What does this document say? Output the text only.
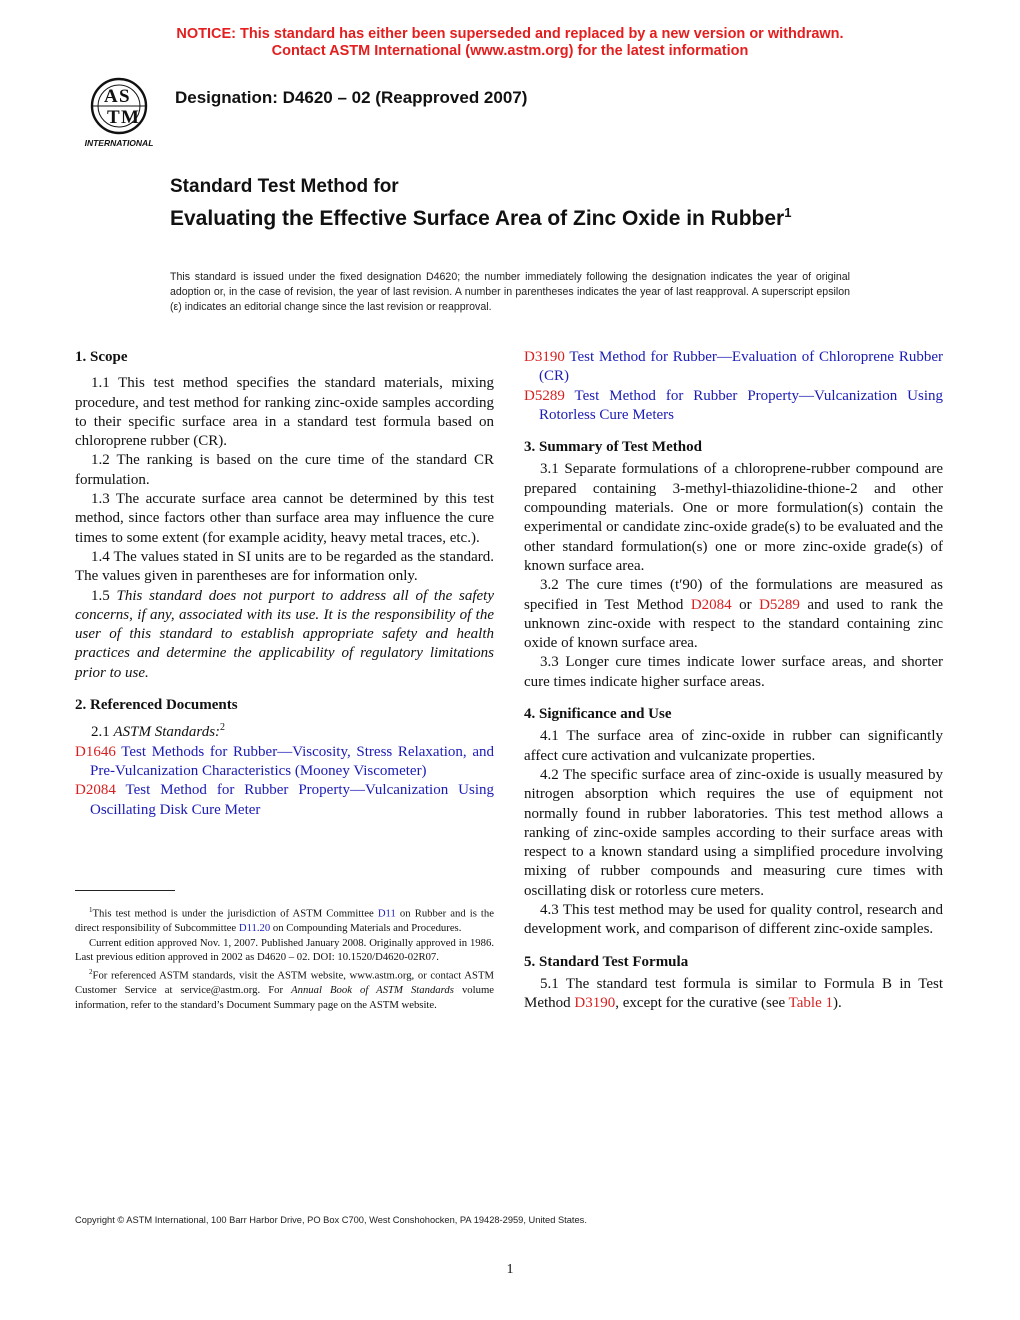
NOTICE: This standard has either been superseded and replaced by a new version or withdrawn.
Contact ASTM International (www.astm.org) for the latest information
A S
T M
INTERNATIONAL
Designation: D4620 – 02 (Reapproved 2007)
Standard Test Method for
Evaluating the Effective Surface Area of Zinc Oxide in Rubber$^1$
This standard is issued under the fixed designation D4620; the number immediately following the designation indicates the year of original adoption or, in the case of revision, the year of last revision. A number in parentheses indicates the year of last reapproval. A superscript epsilon (ε) indicates an editorial change since the last revision or reapproval.
1. Scope

1.1 This test method specifies the standard materials, mixing procedure, and test method for ranking zinc-oxide samples according to their specific surface area in a standard test formula based on chloroprene rubber (CR).

1.2 The ranking is based on the cure time of the standard CR formulation.

1.3 The accurate surface area cannot be determined by this test method, since factors other than surface area may influence the cure times to some extent (for example acidity, heavy metal traces, etc.).

1.4 The values stated in SI units are to be regarded as the standard. The values given in parentheses are for information only.

1.5 This standard does not purport to address all of the safety concerns, if any, associated with its use. It is the responsibility of the user of this standard to establish appropriate safety and health practices and determine the applicability of regulatory limitations prior to use.

2. Referenced Documents

2.1 ASTM Standards:$^2$

D1646 Test Methods for Rubber—Viscosity, Stress Relaxation, and Pre-Vulcanization Characteristics (Mooney Viscometer)

D2084 Test Method for Rubber Property—Vulcanization Using Oscillating Disk Cure Meter

$^1$This test method is under the jurisdiction of ASTM Committee D11 on Rubber and is the direct responsibility of Subcommittee D11.20 on Compounding Materials and Procedures.

Current edition approved Nov. 1, 2007. Published January 2008. Originally approved in 1986. Last previous edition approved in 2002 as D4620 – 02. DOI: 10.1520/D4620-02R07.

$^2$For referenced ASTM standards, visit the ASTM website, www.astm.org, or contact ASTM Customer Service at service@astm.org. For Annual Book of ASTM Standards volume information, refer to the standard’s Document Summary page on the ASTM website.

D3190 Test Method for Rubber—Evaluation of Chloroprene Rubber (CR)

D5289 Test Method for Rubber Property—Vulcanization Using Rotorless Cure Meters

3. Summary of Test Method

3.1 Separate formulations of a chloroprene-rubber compound are prepared containing 3-methyl-thiazolidine-thione-2 and other compounding materials. One or more formulation(s) contain the experimental or candidate zinc-oxide grade(s) to be evaluated and the other standard formulation(s) one or more zinc-oxide grade(s) of known surface area.

3.2 The cure times (t′90) of the formulations are measured as specified in Test Method D2084 or D5289 and used to rank the unknown zinc-oxide with respect to the standard containing zinc oxide of known surface area.

3.3 Longer cure times indicate lower surface areas, and shorter cure times indicate higher surface areas.

4. Significance and Use

4.1 The surface area of zinc-oxide in rubber can significantly affect cure activation and vulcanizate properties.

4.2 The specific surface area of zinc-oxide is usually measured by nitrogen absorption which requires the use of equipment not normally found in rubber laboratories. This test method allows a ranking of zinc-oxide samples according to their surface areas with respect to a known standard using a simplified procedure involving mixing of rubber compounds and measuring cure times with oscillating disk or rotorless cure meters.

4.3 This test method may be used for quality control, research and development work, and comparison of different zinc-oxide samples.

5. Standard Test Formula

5.1 The standard test formula is similar to Formula B in Test Method D3190, except for the curative (see Table 1).

Copyright © ASTM International, 100 Barr Harbor Drive, PO Box C700, West Conshohocken, PA 19428-2959, United States.
1
